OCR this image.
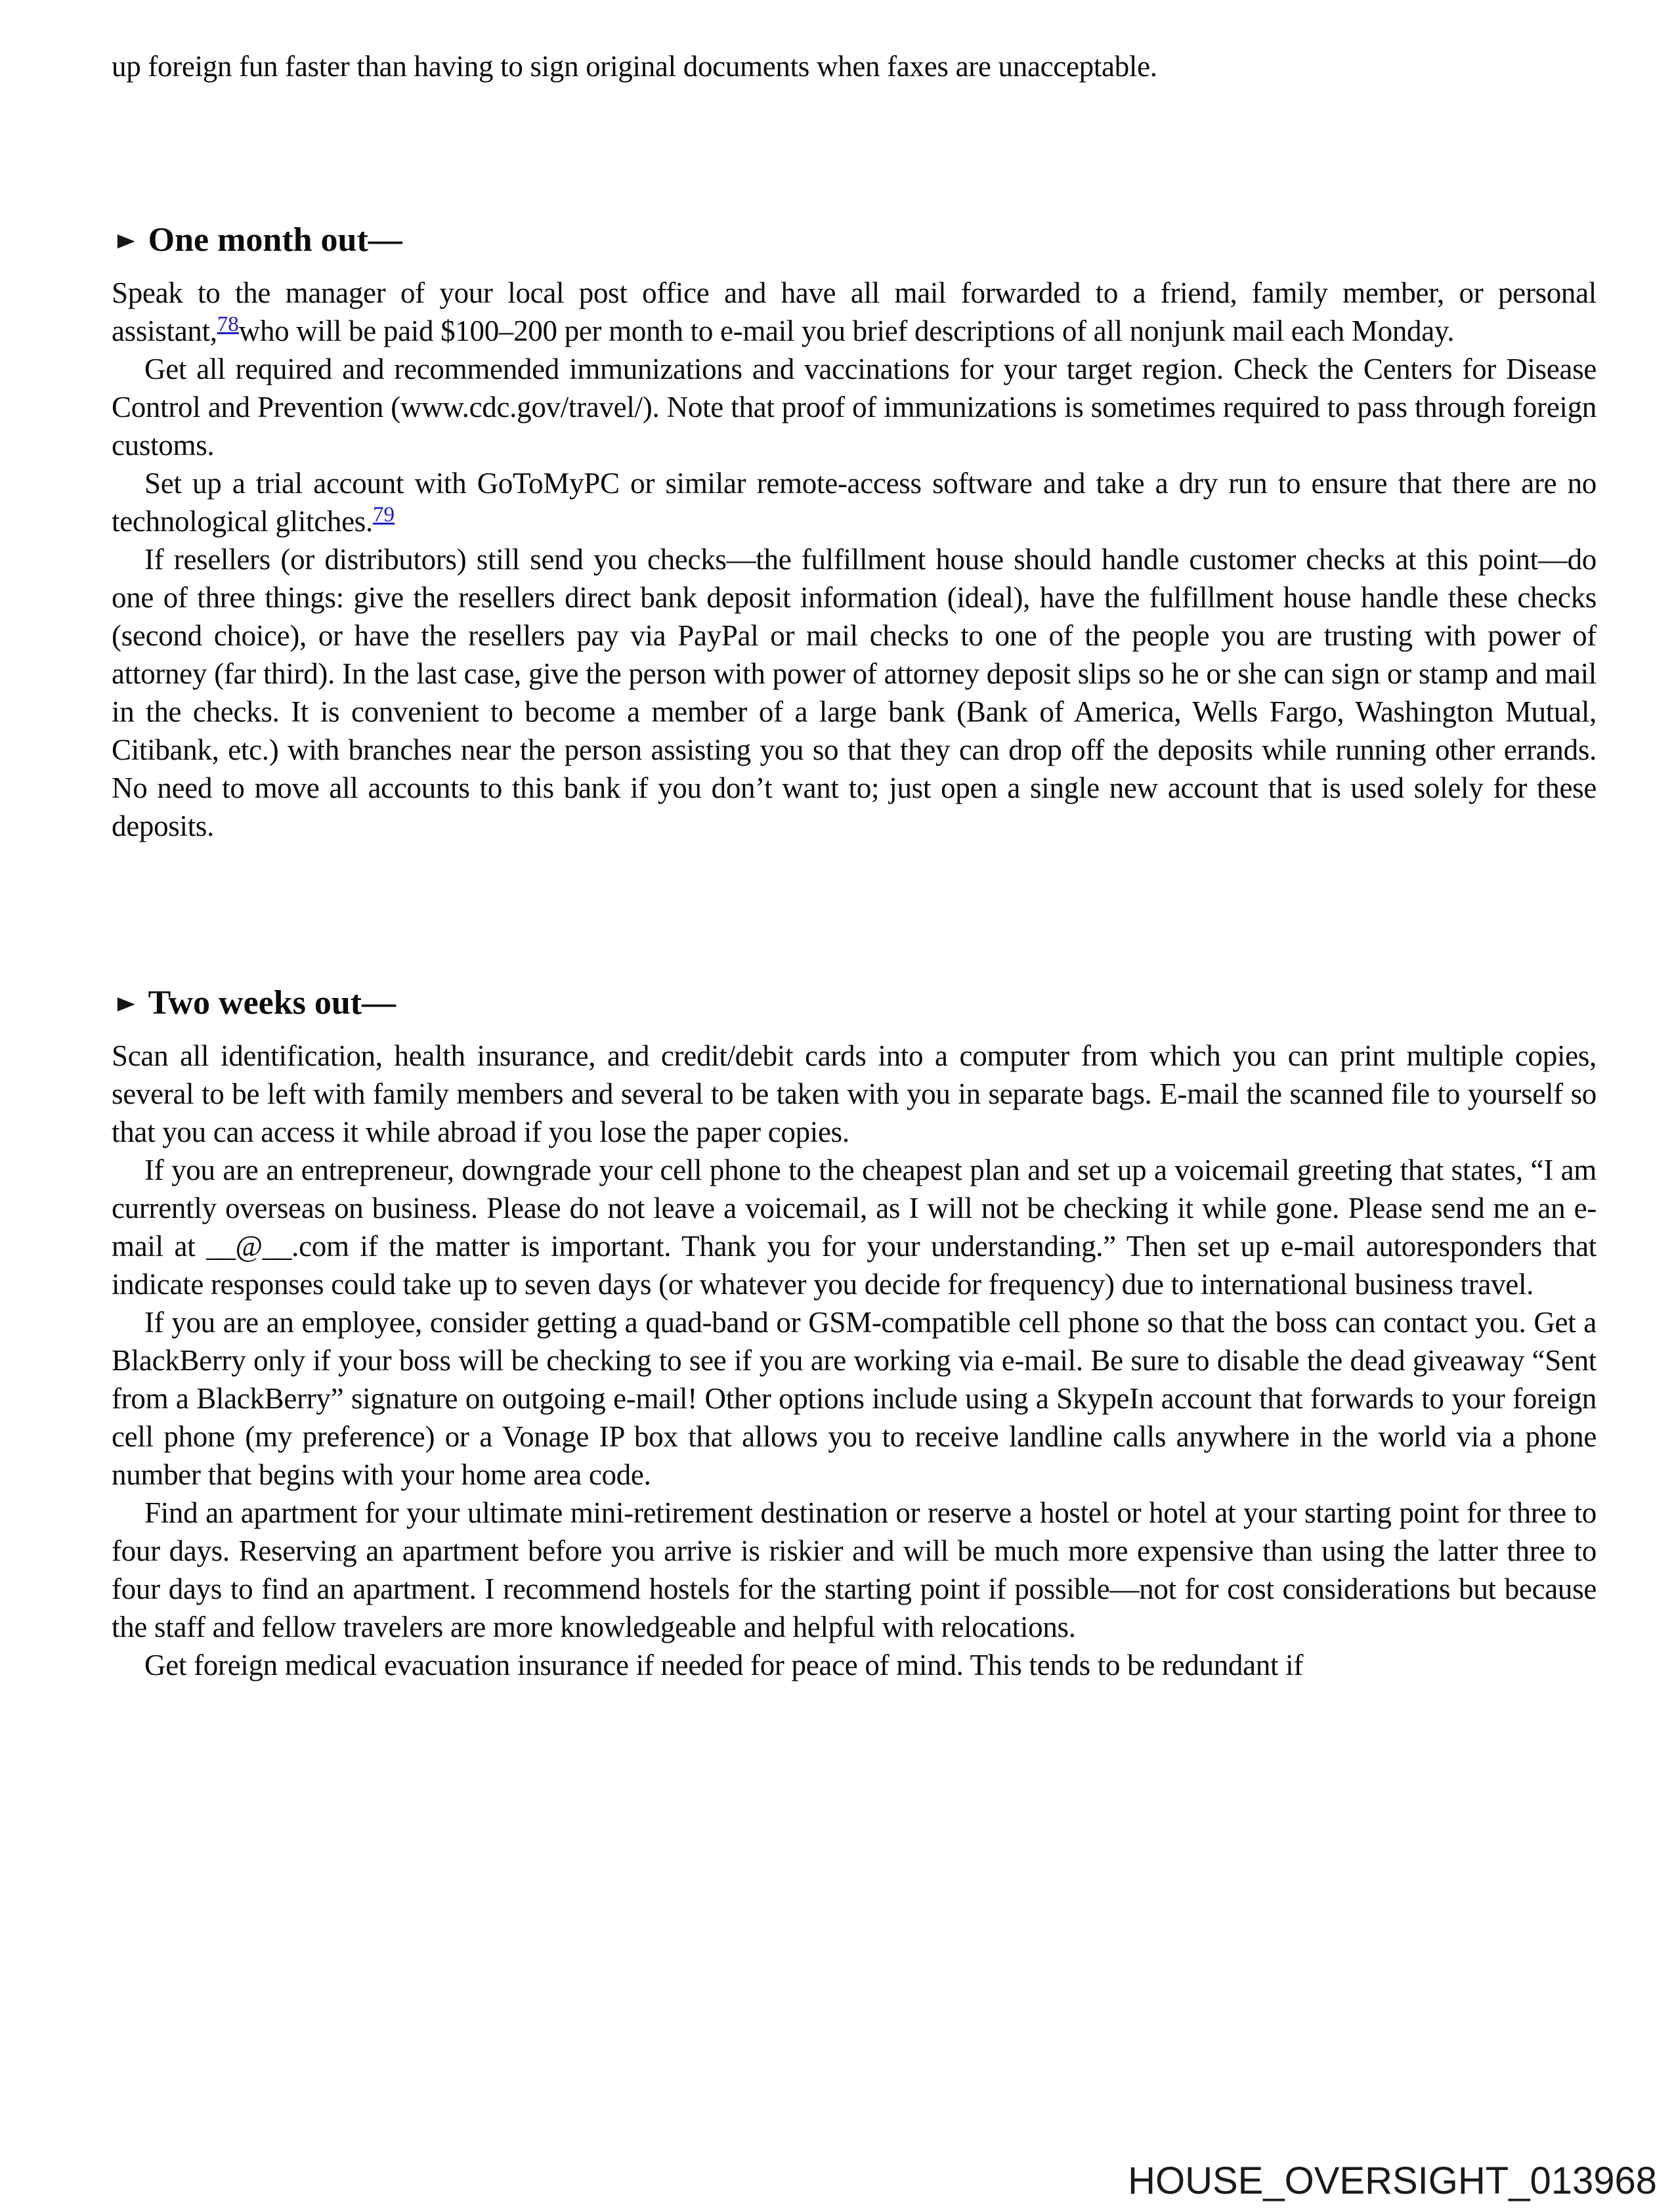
up foreign fun faster than having to sign original documents when faxes are unacceptable.

► One month out—

Speak to the manager of your local post office and have all mail forwarded to a friend, family member, or personal assistant,$^{78}$who will be paid $100–200 per month to e-mail you brief descriptions of all nonjunk mail each Monday.

Get all required and recommended immunizations and vaccinations for your target region. Check the Centers for Disease Control and Prevention (www.cdc.gov/travel/). Note that proof of immunizations is sometimes required to pass through foreign customs.

Set up a trial account with GoToMyPC or similar remote-access software and take a dry run to ensure that there are no technological glitches.$^{79}$

If resellers (or distributors) still send you checks—the fulfillment house should handle customer checks at this point—do one of three things: give the resellers direct bank deposit information (ideal), have the fulfillment house handle these checks (second choice), or have the resellers pay via PayPal or mail checks to one of the people you are trusting with power of attorney (far third). In the last case, give the person with power of attorney deposit slips so he or she can sign or stamp and mail in the checks. It is convenient to become a member of a large bank (Bank of America, Wells Fargo, Washington Mutual, Citibank, etc.) with branches near the person assisting you so that they can drop off the deposits while running other errands. No need to move all accounts to this bank if you don’t want to; just open a single new account that is used solely for these deposits.

► Two weeks out—

Scan all identification, health insurance, and credit/debit cards into a computer from which you can print multiple copies, several to be left with family members and several to be taken with you in separate bags. E-mail the scanned file to yourself so that you can access it while abroad if you lose the paper copies.

If you are an entrepreneur, downgrade your cell phone to the cheapest plan and set up a voicemail greeting that states, “I am currently overseas on business. Please do not leave a voicemail, as I will not be checking it while gone. Please send me an e-mail at __@__.com if the matter is important. Thank you for your understanding.” Then set up e-mail autoresponders that indicate responses could take up to seven days (or whatever you decide for frequency) due to international business travel.

If you are an employee, consider getting a quad-band or GSM-compatible cell phone so that the boss can contact you. Get a BlackBerry only if your boss will be checking to see if you are working via e-mail. Be sure to disable the dead giveaway “Sent from a BlackBerry” signature on outgoing e-mail! Other options include using a SkypeIn account that forwards to your foreign cell phone (my preference) or a Vonage IP box that allows you to receive landline calls anywhere in the world via a phone number that begins with your home area code.

Find an apartment for your ultimate mini-retirement destination or reserve a hostel or hotel at your starting point for three to four days. Reserving an apartment before you arrive is riskier and will be much more expensive than using the latter three to four days to find an apartment. I recommend hostels for the starting point if possible—not for cost considerations but because the staff and fellow travelers are more knowledgeable and helpful with relocations.

Get foreign medical evacuation insurance if needed for peace of mind. This tends to be redundant if

HOUSE_OVERSIGHT_013968
